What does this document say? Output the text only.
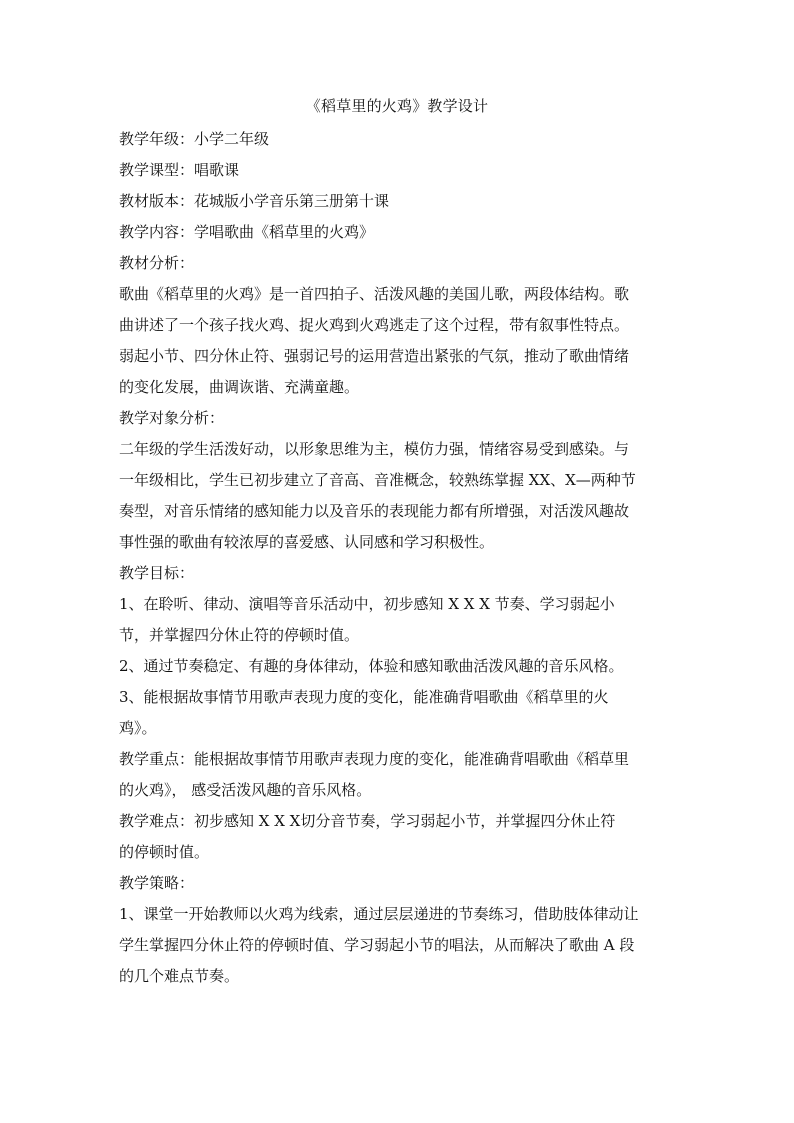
《稻草里的火鸡》教学设计
教学年级：小学二年级
教学课型：唱歌课
教材版本：花城版小学音乐第三册第十课
教学内容：学唱歌曲《稻草里的火鸡》
教材分析：
歌曲《稻草里的火鸡》是一首四拍子、活泼风趣的美国儿歌，两段体结构。歌
曲讲述了一个孩子找火鸡、捉火鸡到火鸡逃走了这个过程，带有叙事性特点。
弱起小节、四分休止符、强弱记号的运用营造出紧张的气氛，推动了歌曲情绪
的变化发展，曲调诙谐、充满童趣。
教学对象分析：
二年级的学生活泼好动，以形象思维为主，模仿力强，情绪容易受到感染。与
一年级相比，学生已初步建立了音高、音准概念，较熟练掌握 XX、X—两种节
奏型，对音乐情绪的感知能力以及音乐的表现能力都有所增强，对活泼风趣故
事性强的歌曲有较浓厚的喜爱感、认同感和学习积极性。
教学目标：
1、在聆听、律动、演唱等音乐活动中，初步感知 X X X 节奏、学习弱起小
节，并掌握四分休止符的停顿时值。
2、通过节奏稳定、有趣的身体律动，体验和感知歌曲活泼风趣的音乐风格。
3、能根据故事情节用歌声表现力度的变化，能准确背唱歌曲《稻草里的火
鸡》。
教学重点：能根据故事情节用歌声表现力度的变化，能准确背唱歌曲《稻草里
的火鸡》， 感受活泼风趣的音乐风格。
教学难点：初步感知 X X X切分音节奏，学习弱起小节，并掌握四分休止符
的停顿时值。
教学策略：
1、课堂一开始教师以火鸡为线索，通过层层递进的节奏练习，借助肢体律动让
学生掌握四分休止符的停顿时值、学习弱起小节的唱法，从而解决了歌曲 A 段
的几个难点节奏。
